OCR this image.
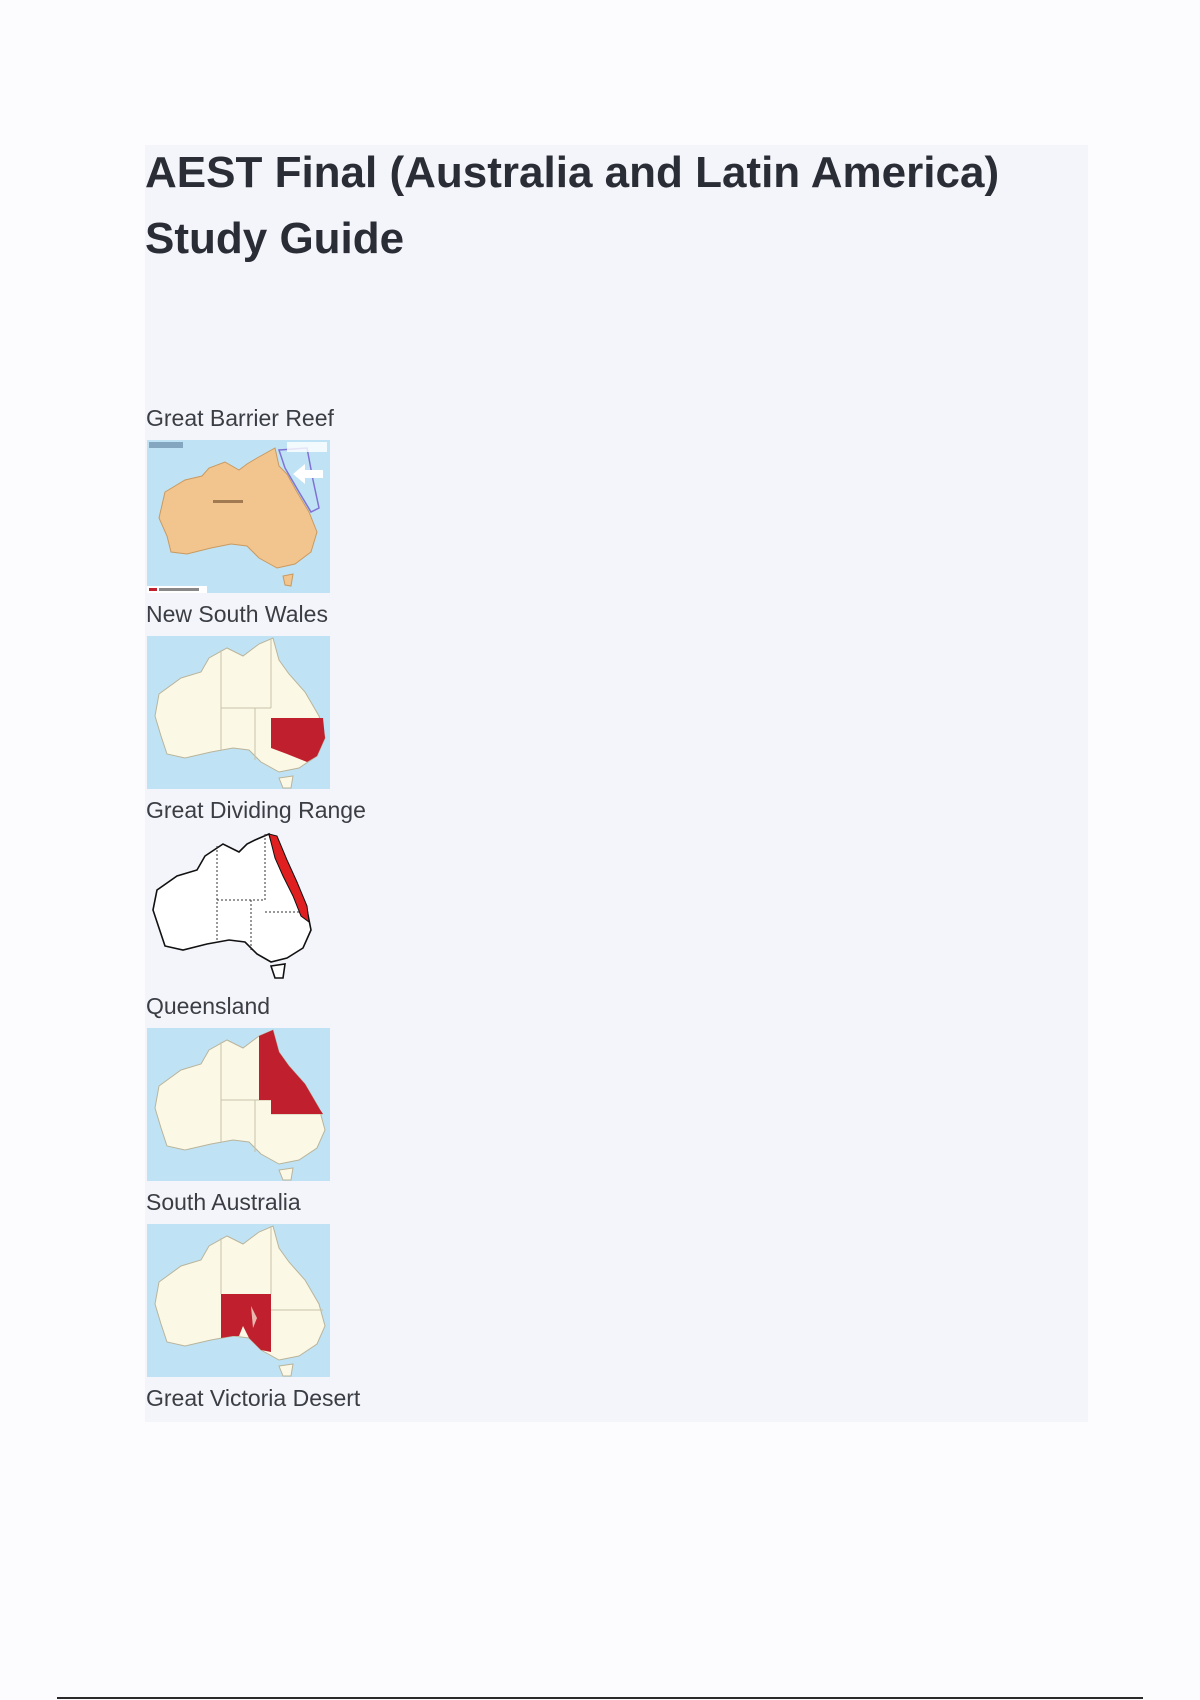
AEST Final (Australia and Latin America) Study Guide
Great Barrier Reef
New South Wales
Great Dividing Range
Queensland
South Australia
Great Victoria Desert
